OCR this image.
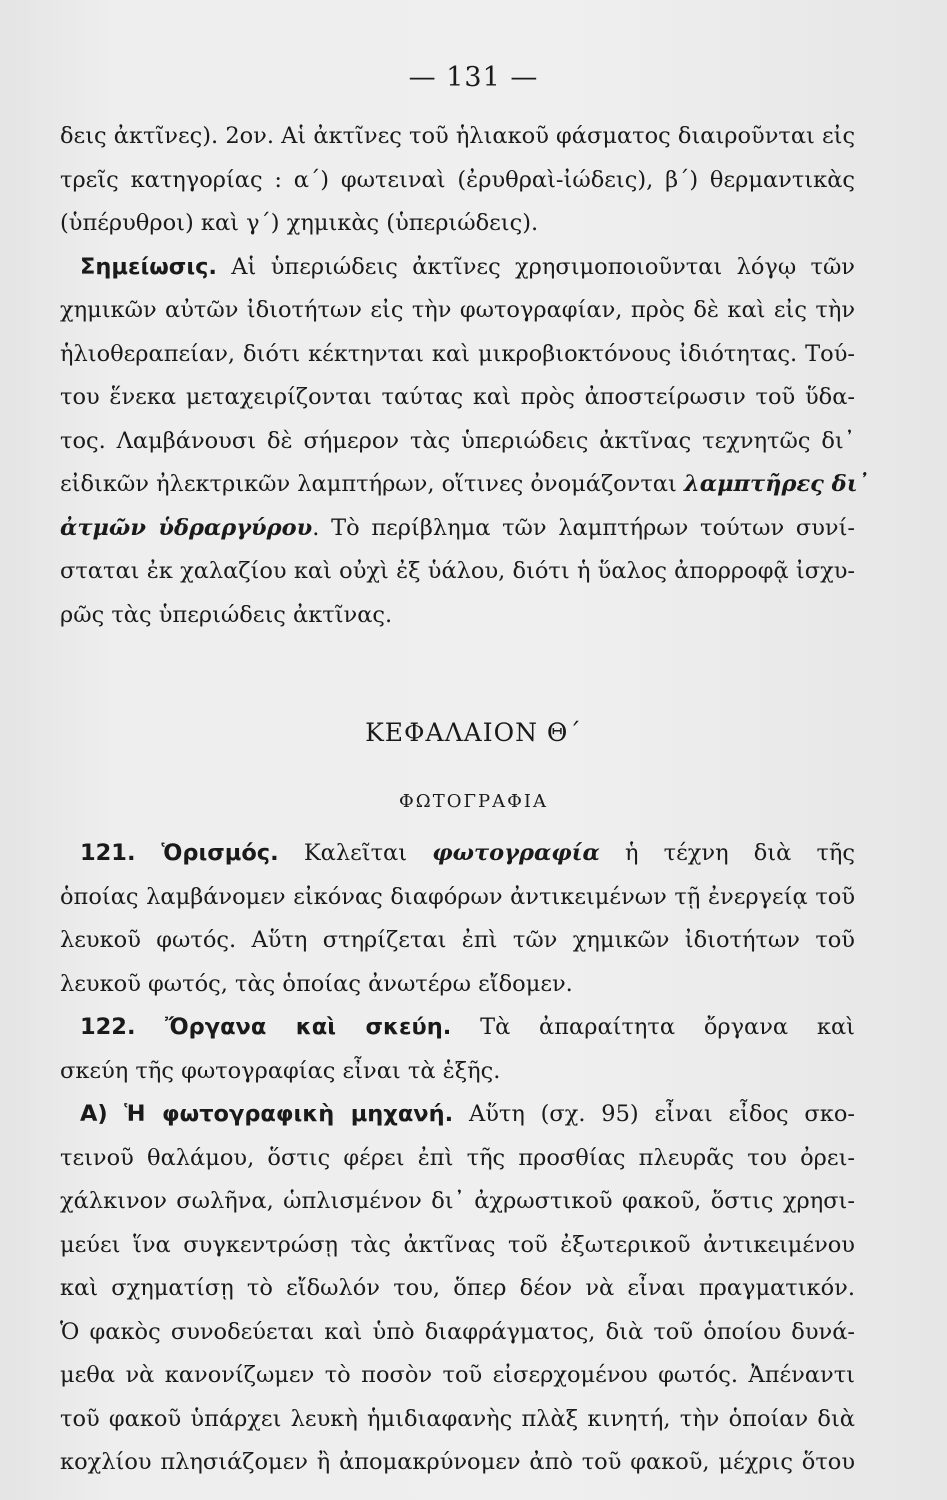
— 131 —
δεις ἀκτῖνες). 2ον. Αἱ ἀκτῖνες τοῦ ἡλιακοῦ φάσματος διαιροῦνται εἰς
τρεῖς κατηγορίας : α΄) φωτειναὶ (ἐρυθραὶ-ἰώδεις), β΄) θερμαντικὰς
(ὑπέρυθροι) καὶ γ΄) χημικὰς (ὑπεριώδεις).
Σημείωσις. Αἱ ὑπεριώδεις ἀκτῖνες χρησιμοποιοῦνται λόγῳ τῶν
χημικῶν αὐτῶν ἰδιοτήτων εἰς τὴν φωτογραφίαν, πρὸς δὲ καὶ εἰς τὴν
ἡλιοθεραπείαν, διότι κέκτηνται καὶ μικροβιοκτόνους ἰδιότητας. Τού-
του ἕνεκα μεταχειρίζονται ταύτας καὶ πρὸς ἀποστείρωσιν τοῦ ὕδα-
τος. Λαμβάνουσι δὲ σήμερον τὰς ὑπεριώδεις ἀκτῖνας τεχνητῶς δι᾽
εἰδικῶν ἠλεκτρικῶν λαμπτήρων, οἵτινες ὀνομάζονται λαμπτῆρες δι᾽
ἀτμῶν ὑδραργύρου. Τὸ περίβλημα τῶν λαμπτήρων τούτων συνί-
σταται ἐκ χαλαζίου καὶ οὐχὶ ἐξ ὑάλου, διότι ἡ ὕαλος ἀπορροφᾷ ἰσχυ-
ρῶς τὰς ὑπεριώδεις ἀκτῖνας.
ΚΕΦΑΛΑΙΟΝ Θ΄
ΦΩΤΟΓΡΑΦΙΑ
121. Ὁρισμός. Καλεῖται φωτογραφία ἡ τέχνη διὰ τῆς
ὁποίας λαμβάνομεν εἰκόνας διαφόρων ἀντικειμένων τῇ ἐνεργείᾳ τοῦ
λευκοῦ φωτός. Αὕτη στηρίζεται ἐπὶ τῶν χημικῶν ἰδιοτήτων τοῦ
λευκοῦ φωτός, τὰς ὁποίας ἀνωτέρω εἴδομεν.
122. Ὄργανα καὶ σκεύη. Τὰ ἀπαραίτητα ὄργανα καὶ
σκεύη τῆς φωτογραφίας εἶναι τὰ ἑξῆς.
Α) Ἡ φωτογραφικὴ μηχανή. Αὕτη (σχ. 95) εἶναι εἶδος σκο-
τεινοῦ θαλάμου, ὅστις φέρει ἐπὶ τῆς προσθίας πλευρᾶς του ὀρει-
χάλκινον σωλῆνα, ὡπλισμένον δι᾽ ἀχρωστικοῦ φακοῦ, ὅστις χρησι-
μεύει ἵνα συγκεντρώσῃ τὰς ἀκτῖνας τοῦ ἐξωτερικοῦ ἀντικειμένου
καὶ σχηματίσῃ τὸ εἴδωλόν του, ὅπερ δέον νὰ εἶναι πραγματικόν.
Ὁ φακὸς συνοδεύεται καὶ ὑπὸ διαφράγματος, διὰ τοῦ ὁποίου δυνά-
μεθα νὰ κανονίζωμεν τὸ ποσὸν τοῦ εἰσερχομένου φωτός. Ἀπέναντι
τοῦ φακοῦ ὑπάρχει λευκὴ ἡμιδιαφανὴς πλὰξ κινητή, τὴν ὁποίαν διὰ
κοχλίου πλησιάζομεν ἢ ἀπομακρύνομεν ἀπὸ τοῦ φακοῦ, μέχρις ὅτου
